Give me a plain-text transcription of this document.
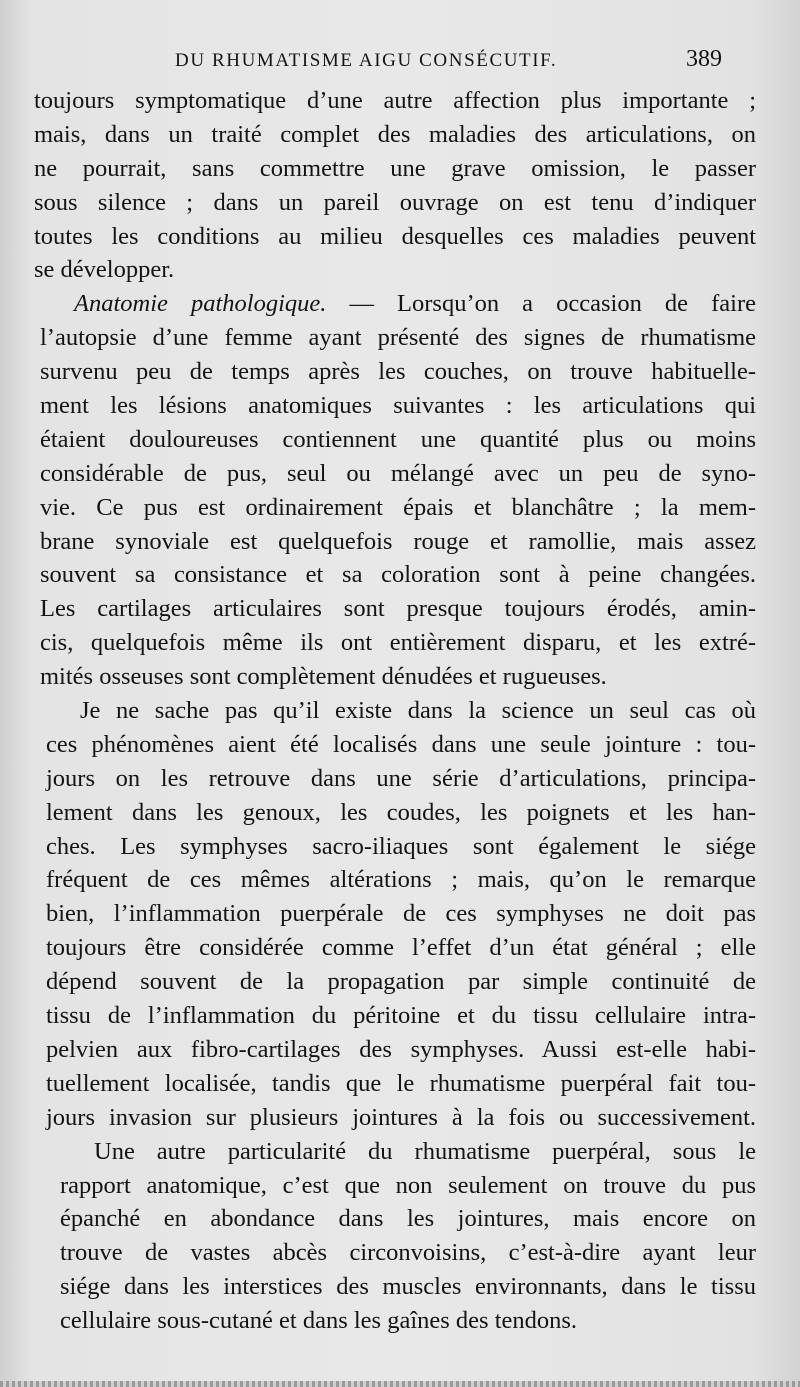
DU RHUMATISME AIGU CONSÉCUTIF.	389
toujours symptomatique d’une autre affection plus importante ;
mais, dans un traité complet des maladies des articulations, on
ne pourrait, sans commettre une grave omission, le passer
sous silence ; dans un pareil ouvrage on est tenu d’indiquer
toutes les conditions au milieu desquelles ces maladies peuvent
se développer.
Anatomie pathologique. — Lorsqu’on a occasion de faire
l’autopsie d’une femme ayant présenté des signes de rhumatisme
survenu peu de temps après les couches, on trouve habituelle-
ment les lésions anatomiques suivantes : les articulations qui
étaient douloureuses contiennent une quantité plus ou moins
considérable de pus, seul ou mélangé avec un peu de syno-
vie. Ce pus est ordinairement épais et blanchâtre ; la mem-
brane synoviale est quelquefois rouge et ramollie, mais assez
souvent sa consistance et sa coloration sont à peine changées.
Les cartilages articulaires sont presque toujours érodés, amin-
cis, quelquefois même ils ont entièrement disparu, et les extré-
mités osseuses sont complètement dénudées et rugueuses.
Je ne sache pas qu’il existe dans la science un seul cas où
ces phénomènes aient été localisés dans une seule jointure : tou-
jours on les retrouve dans une série d’articulations, principa-
lement dans les genoux, les coudes, les poignets et les han-
ches. Les symphyses sacro-iliaques sont également le siége
fréquent de ces mêmes altérations ; mais, qu’on le remarque
bien, l’inflammation puerpérale de ces symphyses ne doit pas
toujours être considérée comme l’effet d’un état général ; elle
dépend souvent de la propagation par simple continuité de
tissu de l’inflammation du péritoine et du tissu cellulaire intra-
pelvien aux fibro-cartilages des symphyses. Aussi est-elle habi-
tuellement localisée, tandis que le rhumatisme puerpéral fait tou-
jours invasion sur plusieurs jointures à la fois ou successivement.
Une autre particularité du rhumatisme puerpéral, sous le
rapport anatomique, c’est que non seulement on trouve du pus
épanché en abondance dans les jointures, mais encore on
trouve de vastes abcès circonvoisins, c’est-à-dire ayant leur
siége dans les interstices des muscles environnants, dans le tissu
cellulaire sous-cutané et dans les gaînes des tendons.
